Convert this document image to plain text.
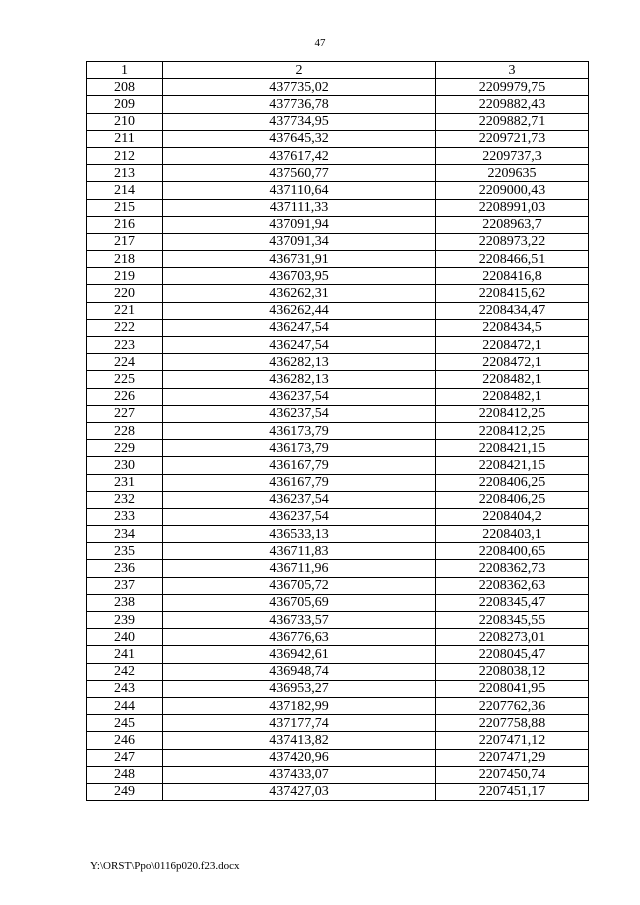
47
1	2	3
208	437735,02	2209979,75
209	437736,78	2209882,43
210	437734,95	2209882,71
211	437645,32	2209721,73
212	437617,42	2209737,3
213	437560,77	2209635
214	437110,64	2209000,43
215	437111,33	2208991,03
216	437091,94	2208963,7
217	437091,34	2208973,22
218	436731,91	2208466,51
219	436703,95	2208416,8
220	436262,31	2208415,62
221	436262,44	2208434,47
222	436247,54	2208434,5
223	436247,54	2208472,1
224	436282,13	2208472,1
225	436282,13	2208482,1
226	436237,54	2208482,1
227	436237,54	2208412,25
228	436173,79	2208412,25
229	436173,79	2208421,15
230	436167,79	2208421,15
231	436167,79	2208406,25
232	436237,54	2208406,25
233	436237,54	2208404,2
234	436533,13	2208403,1
235	436711,83	2208400,65
236	436711,96	2208362,73
237	436705,72	2208362,63
238	436705,69	2208345,47
239	436733,57	2208345,55
240	436776,63	2208273,01
241	436942,61	2208045,47
242	436948,74	2208038,12
243	436953,27	2208041,95
244	437182,99	2207762,36
245	437177,74	2207758,88
246	437413,82	2207471,12
247	437420,96	2207471,29
248	437433,07	2207450,74
249	437427,03	2207451,17
Y:\ORST\Ppo\0116p020.f23.docx
